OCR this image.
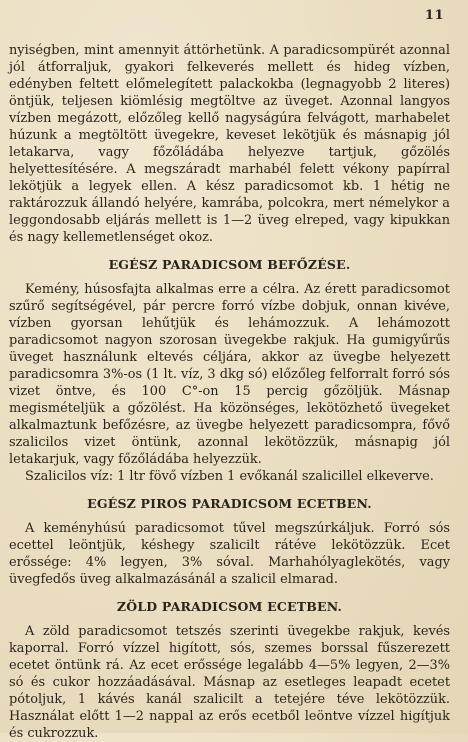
11

nyiségben, mint amennyit áttörhetünk. A paradicsompürét azonnal jól átforraljuk, gyakori felkeverés mellett és hideg vízben, edényben feltett előmelegített palackokba (legnagyobb 2 literes) öntjük, teljesen kiömlésig megtöltve az üveget. Azonnal langyos vízben megázott, előzőleg kellő nagyságúra felvágott, marhabelet húzunk a megtöltött üvegekre, keveset lekötjük és másnapig jól letakarva, vagy főzőládába helyezve tartjuk, gőzölés helyettesítésére. A megszáradt marhabél felett vékony papírral lekötjük a legyek ellen. A kész paradicsomot kb. 1 hétig ne raktározzuk állandó helyére, kamrába, polcokra, mert némelykor a leggondosabb eljárás mellett is 1—2 üveg elreped, vagy kipukkan és nagy kellemetlenséget okoz.

EGÉSZ PARADICSOM BEFŐZÉSE.

Kemény, húsosfajta alkalmas erre a célra. Az érett paradicsomot szűrő segítségével, pár percre forró vízbe dobjuk, onnan kivéve, vízben gyorsan lehűtjük és lehámozzuk. A lehámozott paradicsomot nagyon szorosan üvegekbe rakjuk. Ha gumigyűrűs üveget használunk eltevés céljára, akkor az üvegbe helyezett paradicsomra 3%-os (1 lt. víz, 3 dkg só) előzőleg felforralt forró sós vizet öntve, és 100 C°-on 15 percig gőzöljük. Másnap megismételjük a gőzölést. Ha közönséges, lekötözhető üvegeket alkalmaztunk befőzésre, az üvegbe helyezett paradicsompra, fővő szalicilos vizet öntünk, azonnal lekötözzük, másnapig jól letakarjuk, vagy főzőládába helyezzük.

Szalicilos víz: 1 ltr fövő vízben 1 evőkanál szalicillel elkeverve.

EGÉSZ PIROS PARADICSOM ECETBEN.

A keményhúsú paradicsomot tűvel megszúrkáljuk. Forró sós ecettel leöntjük, késhegy szalicilt rátéve lekötözzük. Ecet erőssége: 4% legyen, 3% sóval. Marhahólyaglekötés, vagy üvegfedős üveg alkalmazásánál a szalicil elmarad.

ZÖLD PARADICSOM ECETBEN.

A zöld paradicsomot tetszés szerinti üvegekbe rakjuk, kevés kaporral. Forró vízzel higított, sós, szemes borssal fűszerezett ecetet öntünk rá. Az ecet erőssége legalább 4—5% legyen, 2—3% só és cukor hozzáadásával. Másnap az esetleges leapadt ecetet pótoljuk, 1 kávés kanál szalicilt a tetejére téve lekötözzük. Használat előtt 1—2 nappal az erős ecetből leöntve vízzel higítjuk és cukrozzuk.
